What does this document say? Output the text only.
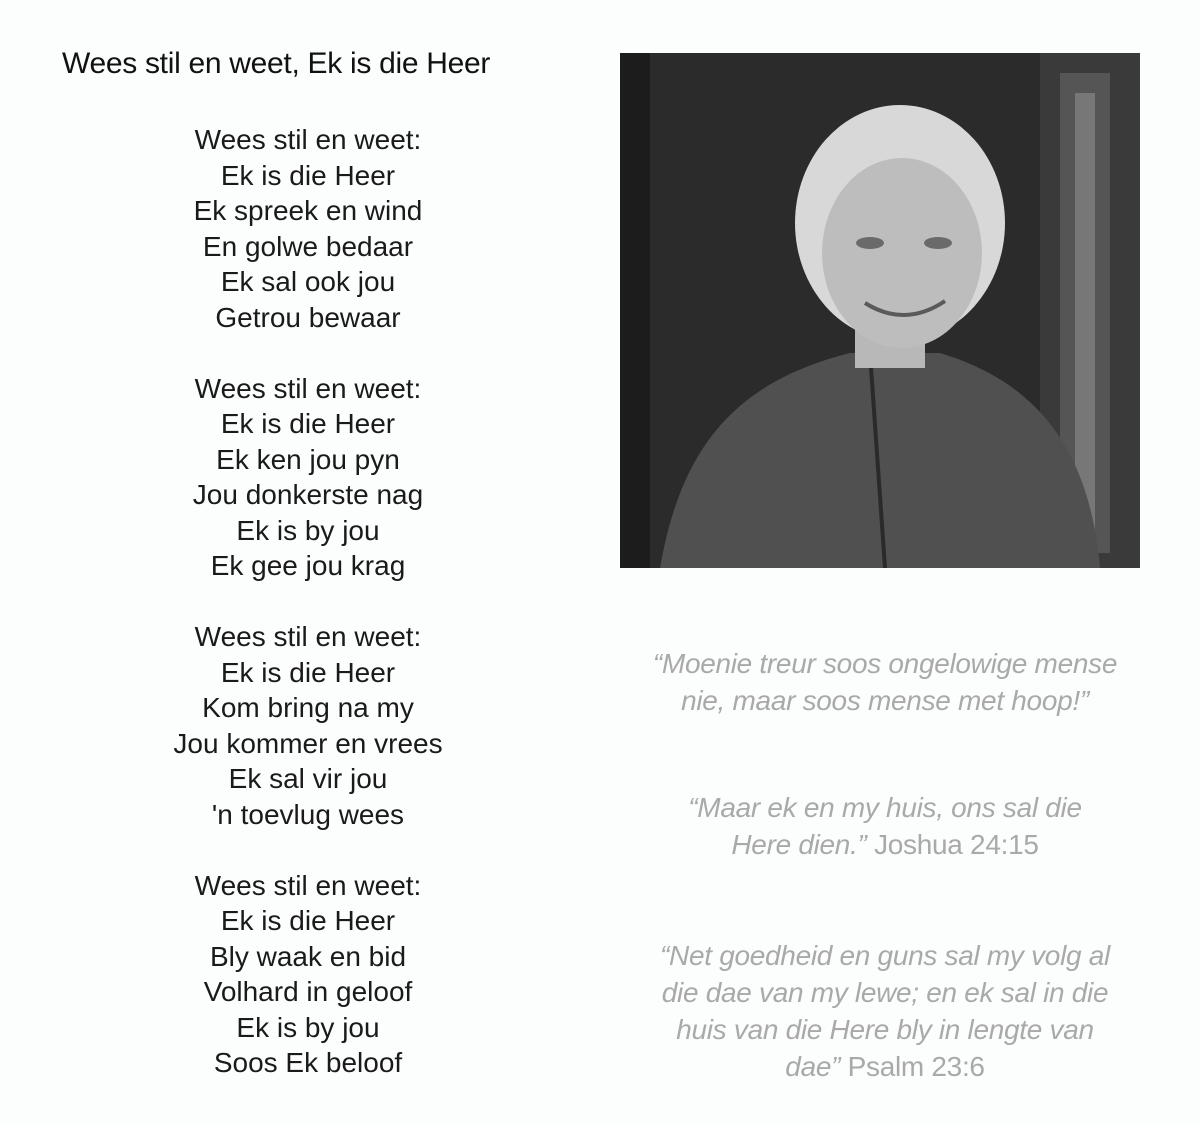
Wees stil en weet, Ek is die Heer
Wees stil en weet:
Ek is die Heer
Ek spreek en wind
En golwe bedaar
Ek sal ook jou
Getrou bewaar
Wees stil en weet:
Ek is die Heer
Ek ken jou pyn
Jou donkerste nag
Ek is by jou
Ek gee jou krag
Wees stil en weet:
Ek is die Heer
Kom bring na my
Jou kommer en vrees
Ek sal vir jou
'n toevlug wees
Wees stil en weet:
Ek is die Heer
Bly waak en bid
Volhard in geloof
Ek is by jou
Soos Ek beloof
“Moenie treur soos ongelowige mense
nie, maar soos mense met hoop!”
“Maar ek en my huis, ons sal die
Here dien.” Joshua 24:15
“Net goedheid en guns sal my volg al
die dae van my lewe; en ek sal in die
huis van die Here bly in lengte van
dae” Psalm 23:6
